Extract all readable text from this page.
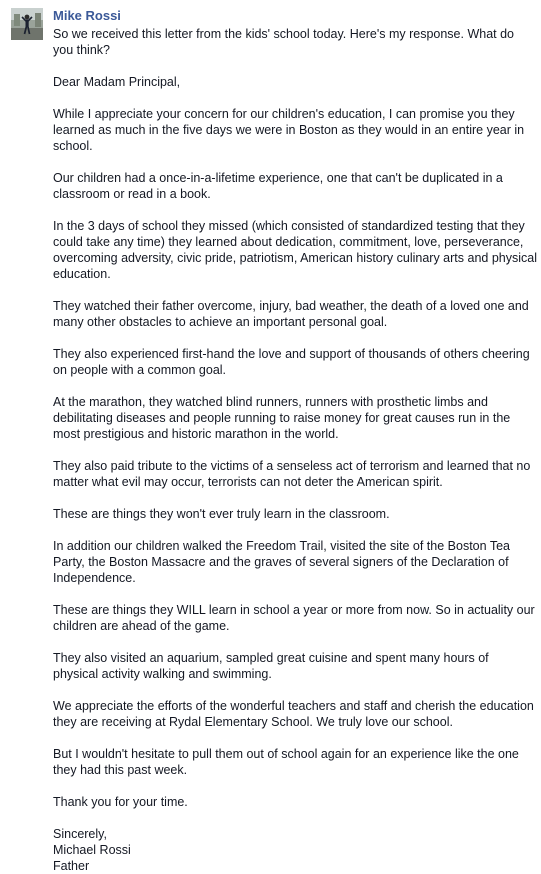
Mike Rossi
So we received this letter from the kids' school today. Here's my response. What do you think?

Dear Madam Principal,

While I appreciate your concern for our children's education, I can promise you they learned as much in the five days we were in Boston as they would in an entire year in school.

Our children had a once-in-a-lifetime experience, one that can't be duplicated in a classroom or read in a book.

In the 3 days of school they missed (which consisted of standardized testing that they could take any time) they learned about dedication, commitment, love, perseverance, overcoming adversity, civic pride, patriotism, American history culinary arts and physical education.

They watched their father overcome, injury, bad weather, the death of a loved one and many other obstacles to achieve an important personal goal.

They also experienced first-hand the love and support of thousands of others cheering on people with a common goal.

At the marathon, they watched blind runners, runners with prosthetic limbs and debilitating diseases and people running to raise money for great causes run in the most prestigious and historic marathon in the world.

They also paid tribute to the victims of a senseless act of terrorism and learned that no matter what evil may occur, terrorists can not deter the American spirit.

These are things they won't ever truly learn in the classroom.

In addition our children walked the Freedom Trail, visited the site of the Boston Tea Party, the Boston Massacre and the graves of several signers of the Declaration of Independence.

These are things they WILL learn in school a year or more from now. So in actuality our children are ahead of the game.

They also visited an aquarium, sampled great cuisine and spent many hours of physical activity walking and swimming.

We appreciate the efforts of the wonderful teachers and staff and cherish the education they are receiving at Rydal Elementary School. We truly love our school.

But I wouldn't hesitate to pull them out of school again for an experience like the one they had this past week.

Thank you for your time.

Sincerely,
Michael Rossi
Father
